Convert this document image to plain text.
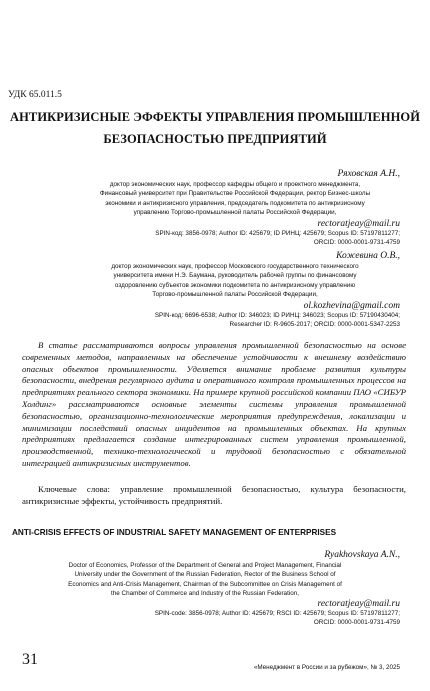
УДК 65.011.5
АНТИКРИЗИСНЫЕ ЭФФЕКТЫ УПРАВЛЕНИЯ ПРОМЫШЛЕННОЙ БЕЗОПАСНОСТЬЮ ПРЕДПРИЯТИЙ
Ряховская А.Н.,
доктор экономических наук, профессор кафедры общего и проектного менеджмента,
Финансовый университет при Правительстве Российской Федерации, ректор Бизнес-школы
экономики и антикризисного управления, председатель подкомитета по антикризисному
управлению Торгово-промышленной палаты Российской Федерации,
rectoratjeay@mail.ru
SPIN-код: 3856-0978; Author ID: 425679; ID РИНЦ: 425679; Scopus ID: 57197811277;
ORCID: 0000-0001-9731-4759
Кожевина О.В.,
доктор экономических наук, профессор Московского государственного технического
университета имени Н.Э. Баумана, руководитель рабочей группы по финансовому
оздоровлению субъектов экономики подкомитета по антикризисному управлению
Торгово-промышленной палаты Российской Федерации,
ol.kozhevina@gmail.com
SPIN-код: 6696-6538; Author ID: 346023; ID РИНЦ: 346023; Scopus ID: 57190430404;
Researcher ID: R-9605-2017; ORCID: 0000-0001-5347-2253
В статье рассматриваются вопросы управления промышленной безопасностью на основе современных методов, направленных на обеспечение устойчивости к внешнему воздействию опасных объектов промышленности. Уделяется внимание проблеме развития культуры безопасности, внедрения регулярного аудита и оперативного контроля промышленных процессов на предприятиях реального сектора экономики. На примере крупной российской компании ПАО «СИБУР Холдинг» рассматриваются основные элементы системы управления промышленной безопасностью, организационно-технологические мероприятия предупреждения, локализации и минимизации последствий опасных инцидентов на промышленных объектах. На крупных предприятиях предлагается создание интегрированных систем управления промышленной, производственной, технико-технологической и трудовой безопасностью с обязательной интеграцией антикризисных инструментов.
Ключевые слова: управление промышленной безопасностью, культура безопасности, антикризисные эффекты, устойчивость предприятий.
ANTI-CRISIS EFFECTS OF INDUSTRIAL SAFETY MANAGEMENT OF ENTERPRISES
Ryakhovskaya A.N.,
Doctor of Economics, Professor of the Department of General and Project Management, Financial
University under the Government of the Russian Federation, Rector of the Business School of
Economics and Anti-Crisis Management, Chairman of the Subcommittee on Crisis Management of
the Chamber of Commerce and Industry of the Russian Federation,
rectoratjeay@mail.ru
SPIN-code: 3856-0978; Author ID: 425679; RSCI ID: 425679; Scopus ID: 57197811277;
ORCID: 0000-0001-9731-4759
31	«Менеджмент в России и за рубежом», № 3, 2025
